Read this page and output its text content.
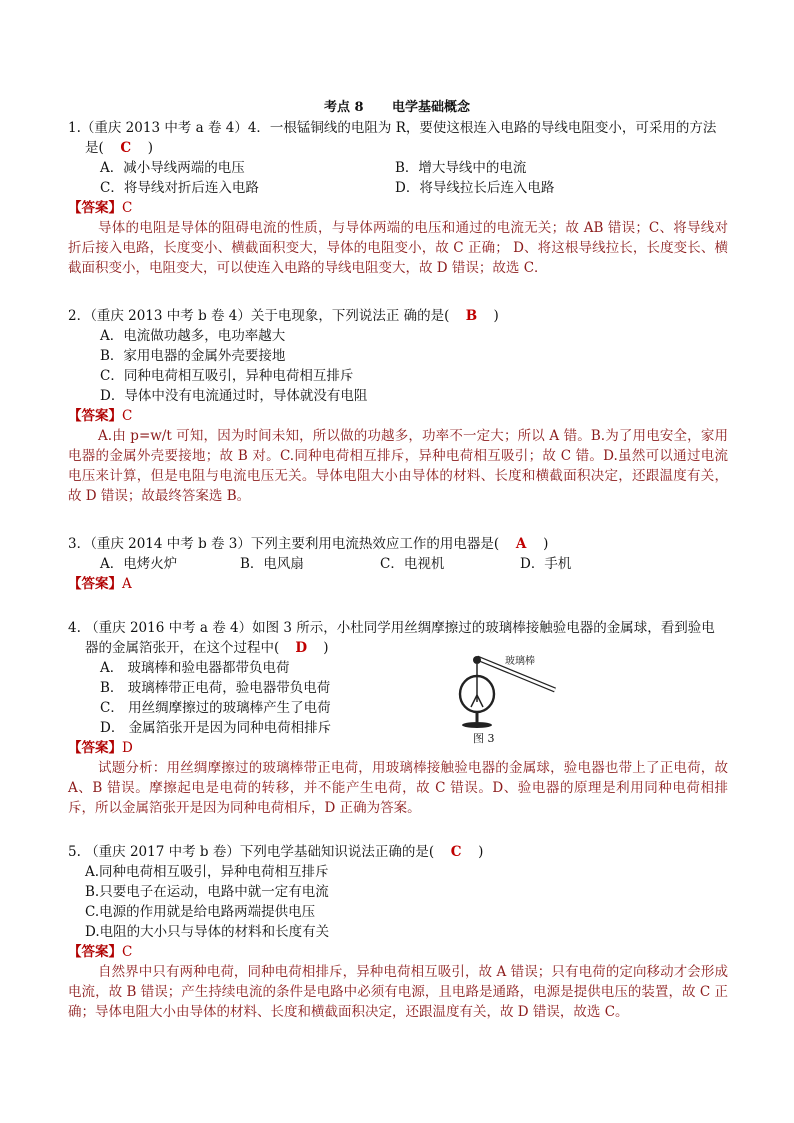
考点 8 电学基础概念
1.（重庆 2013 中考 a 卷 4）4．一根锰铜线的电阻为 R，要使这根连入电路的导线电阻变小，可采用的方法
是( C )
A．减小导线两端的电压	B．增大导线中的电流
C．将导线对折后连入电路	D．将导线拉长后连入电路
【答案】C
导体的电阻是导体的阻碍电流的性质，与导体两端的电压和通过的电流无关；故 AB 错误；C、将导线对折后接入电路，长度变小、横截面积变大，导体的电阻变小，故 C 正确； D、将这根导线拉长，长度变长、横截面积变小，电阻变大，可以使连入电路的导线电阻变大，故 D 错误；故选 C．
2．（重庆 2013 中考 b 卷 4）关于电现象，下列说法正 确的是( B )
A．电流做功越多，电功率越大
B．家用电器的金属外壳要接地
C．同种电荷相互吸引，异种电荷相互排斥
D．导体中没有电流通过时，导体就没有电阻
【答案】C
A.由 p=w/t 可知，因为时间未知，所以做的功越多，功率不一定大；所以 A 错。B.为了用电安全，家用电器的金属外壳要接地；故 B 对。C.同种电荷相互排斥，异种电荷相互吸引；故 C 错。D.虽然可以通过电流电压来计算，但是电阻与电流电压无关。导体电阻大小由导体的材料、长度和横截面积决定，还跟温度有关，故 D 错误；故最终答案选 B。
3．（重庆 2014 中考 b 卷 3）下列主要利用电流热效应工作的用电器是( A )
A．电烤火炉	B．电风扇	C．电视机	D．手机
【答案】A
4. （重庆 2016 中考 a 卷 4）如图 3 所示，小杜同学用丝绸摩擦过的玻璃棒接触验电器的金属球，看到验电
器的金属箔张开，在这个过程中( D )
A． 玻璃棒和验电器都带负电荷
B． 玻璃棒带正电荷，验电器带负电荷
C． 用丝绸摩擦过的玻璃棒产生了电荷
D． 金属箔张开是因为同种电荷相排斥
【答案】D
试题分析：用丝绸摩擦过的玻璃棒带正电荷，用玻璃棒接触验电器的金属球，验电器也带上了正电荷，故 A、B 错误。摩擦起电是电荷的转移，并不能产生电荷，故 C 错误。D、验电器的原理是利用同种电荷相排斥，所以金属箔张开是因为同种电荷相斥，D 正确为答案。
玻璃棒
图 3
5. （重庆 2017 中考 b 卷）下列电学基础知识说法正确的是( C )
A.同种电荷相互吸引，异种电荷相互排斥
B.只要电子在运动，电路中就一定有电流
C.电源的作用就是给电路两端提供电压
D.电阻的大小只与导体的材料和长度有关
【答案】C
自然界中只有两种电荷，同种电荷相排斥，异种电荷相互吸引，故 A 错误；只有电荷的定向移动才会形成电流，故 B 错误；产生持续电流的条件是电路中必须有电源，且电路是通路，电源是提供电压的装置，故 C 正确；导体电阻大小由导体的材料、长度和横截面积决定，还跟温度有关，故 D 错误，故选 C。
